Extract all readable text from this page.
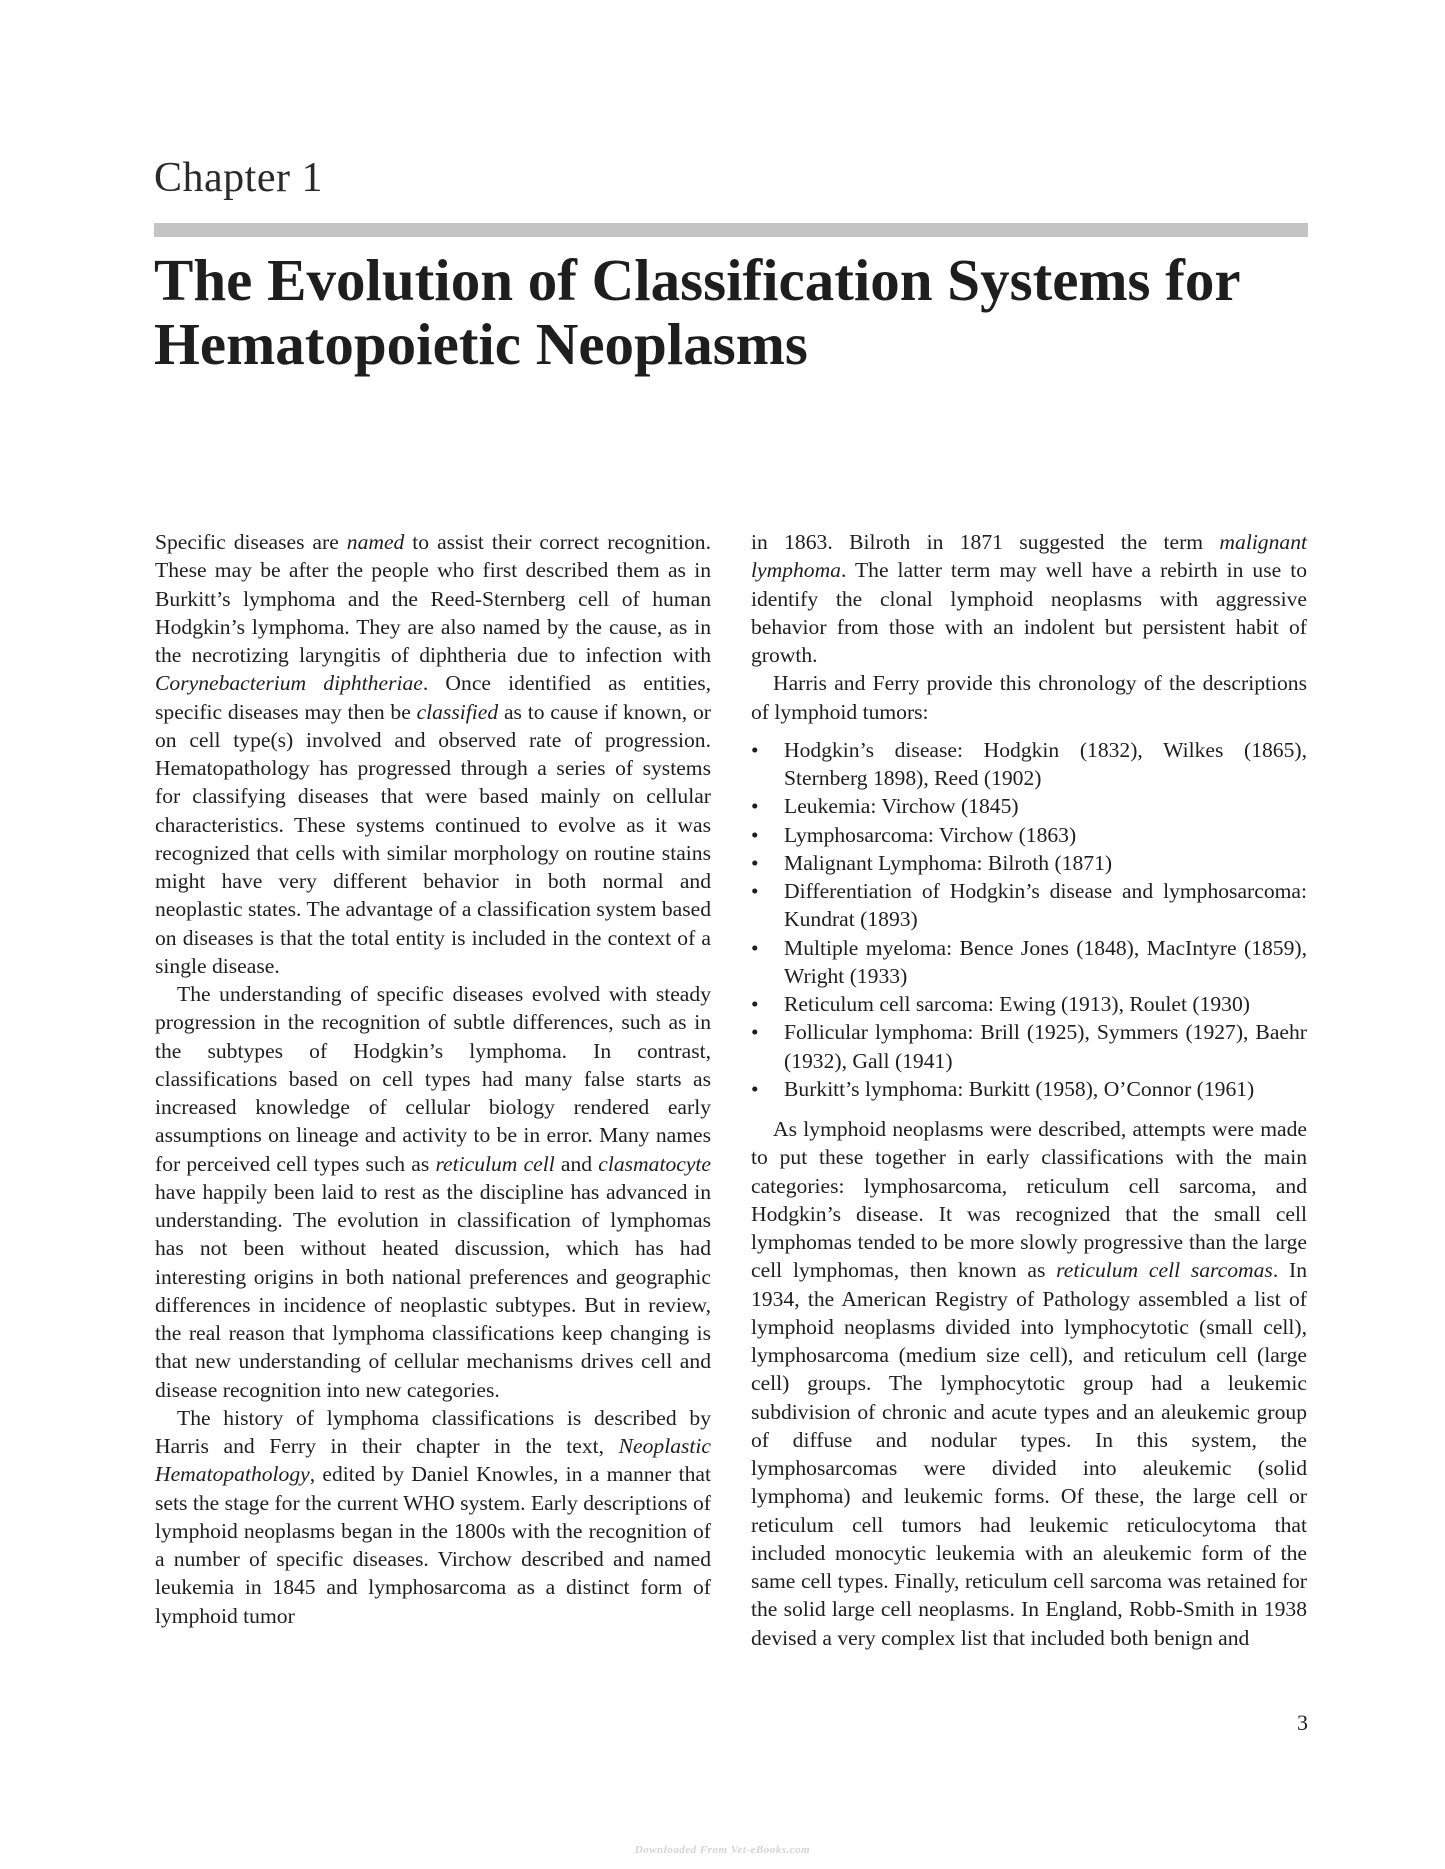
Chapter 1
The Evolution of Classification Systems for Hematopoietic Neoplasms

Specific diseases are named to assist their correct recognition. These may be after the people who first described them as in Burkitt’s lymphoma and the Reed-Sternberg cell of human Hodgkin’s lymphoma. They are also named by the cause, as in the necrotizing laryngitis of diphtheria due to infection with Corynebacterium diphtheriae. Once identified as entities, specific diseases may then be classified as to cause if known, or on cell type(s) involved and observed rate of progression. Hematopathology has progressed through a series of systems for classifying diseases that were based mainly on cellular characteristics. These systems continued to evolve as it was recognized that cells with similar morphology on routine stains might have very different behavior in both normal and neoplastic states. The advantage of a classification system based on diseases is that the total entity is included in the context of a single disease.

The understanding of specific diseases evolved with steady progression in the recognition of subtle differences, such as in the subtypes of Hodgkin’s lymphoma. In contrast, classifications based on cell types had many false starts as increased knowledge of cellular biology rendered early assumptions on lineage and activity to be in error. Many names for perceived cell types such as reticulum cell and clasmatocyte have happily been laid to rest as the discipline has advanced in understanding. The evolution in classification of lymphomas has not been without heated discussion, which has had interesting origins in both national preferences and geographic differences in incidence of neoplastic subtypes. But in review, the real reason that lymphoma classifications keep changing is that new understanding of cellular mechanisms drives cell and disease recognition into new categories.

The history of lymphoma classifications is described by Harris and Ferry in their chapter in the text, Neoplastic Hematopathology, edited by Daniel Knowles, in a manner that sets the stage for the current WHO system. Early descriptions of lymphoid neoplasms began in the 1800s with the recognition of a number of specific diseases. Virchow described and named leukemia in 1845 and lymphosarcoma as a distinct form of lymphoid tumor

in 1863. Bilroth in 1871 suggested the term malignant lymphoma. The latter term may well have a rebirth in use to identify the clonal lymphoid neoplasms with aggressive behavior from those with an indolent but persistent habit of growth.

Harris and Ferry provide this chronology of the descriptions of lymphoid tumors:

• Hodgkin’s disease: Hodgkin (1832), Wilkes (1865), Sternberg 1898), Reed (1902)
• Leukemia: Virchow (1845)
• Lymphosarcoma: Virchow (1863)
• Malignant Lymphoma: Bilroth (1871)
• Differentiation of Hodgkin’s disease and lymphosarcoma: Kundrat (1893)
• Multiple myeloma: Bence Jones (1848), MacIntyre (1859), Wright (1933)
• Reticulum cell sarcoma: Ewing (1913), Roulet (1930)
• Follicular lymphoma: Brill (1925), Symmers (1927), Baehr (1932), Gall (1941)
• Burkitt’s lymphoma: Burkitt (1958), O’Connor (1961)

As lymphoid neoplasms were described, attempts were made to put these together in early classifications with the main categories: lymphosarcoma, reticulum cell sarcoma, and Hodgkin’s disease. It was recognized that the small cell lymphomas tended to be more slowly progressive than the large cell lymphomas, then known as reticulum cell sarcomas. In 1934, the American Registry of Pathology assembled a list of lymphoid neoplasms divided into lymphocytotic (small cell), lymphosarcoma (medium size cell), and reticulum cell (large cell) groups. The lymphocytotic group had a leukemic subdivision of chronic and acute types and an aleukemic group of diffuse and nodular types. In this system, the lymphosarcomas were divided into aleukemic (solid lymphoma) and leukemic forms. Of these, the large cell or reticulum cell tumors had leukemic reticulocytoma that included monocytic leukemia with an aleukemic form of the same cell types. Finally, reticulum cell sarcoma was retained for the solid large cell neoplasms. In England, Robb-Smith in 1938 devised a very complex list that included both benign and

3
Downloaded From Vet-eBooks.com
